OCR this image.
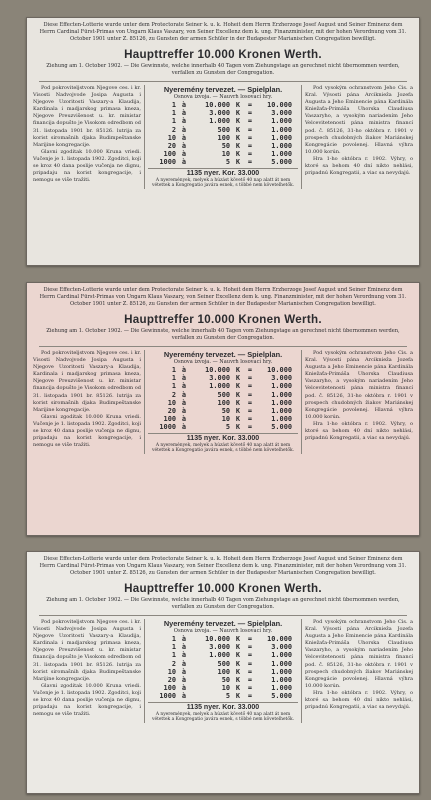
Diese Effecten-Lotterie wurde unter dem Protectorate Seiner k. u. k. Hoheit dem Herrn Erzherzoge Josef August und Seiner Eminenz dem Herrn Cardinal Fürst-Primas von Ungarn Klaus Vaszary, von Seiner Excellenz dem k. ung. Finanzminister, mit der hohen Verordnung vom 31. October 1901 unter Z. 85126, zu Gunsten der armen Schüler in der Budapester Marianischen Congregation bewilligt.
Haupttreffer 10.000 Kronen Werth.
Ziehung am 1. October 1902. — Die Gewinnste, welche innerhalb 40 Tagen vom Ziehungstage an gerechnet nicht übernommen werden, verfallen zu Gunsten der Congregation.

Pod pokroviteljstvom Njegove ces. i kr. Visosti Nadvojvode Josipa Augusta i Njegove Uzoritosti Vaszary-a Klaudija, Kardinala i madjarskog primasa knezа, Njegove Preuzvišenost u. kr. ministar financija dopušto je Visokom odredbom od 31. listopada 1901 br. 85126. lutrija za korist siromašnih djaka Budimpeštanske Marijine kongregacije.

Glavni zgoditak 10.000 Kruna vriedi. Vučenje je 1. listopada 1902. Zgoditci, koji se kroz 40 dana poslije vučenja ne dignu, pripadaju na korist kongregacije, i nemogu se više tražiti.

Nyeremény tervezet. — Spielplan.
Osnova izvoja. — Nauvrh losovací hry.
1 à	10.000 K =	10.000
1 à	3.000 K =	3.000
1 à	1.000 K =	1.000
2 à	500 K =	1.000
10 à	100 K =	1.000
20 à	50 K =	1.000
100 à	10 K =	1.000
1000 à	5 K =	5.000
1135 nyer. Kor. 33.000
A nyeremények, melyek a húzást követő 40 nap alatt át nem vétettek a Kongregatio javára esnek, s többé nem követelhetők.

Pod vysokým ochranstvom Jeho Cis. a Kral. Výsosti pána Arciknieža Jozefa Augusta a Jeho Eminencie pána Kardinála Kniežaťa-Primáša Uhorska Claudiusa Vaszaryho, a vysokým nariadením Jeho Velcevitetenosti pána ministra financí pod. č. 85126, 31-ho októbra r. 1901 v prospech chudobných žiakov Mariánskej Kongregácie povolenej. Hlavná výhra 10.000 korún.

Hra 1-ho októbra r. 1902. Výhry, o ktoré sa behom 40 dní nikto nehlási, pripadnú Kongregatii, a viac sa nevydajú.

Diese Effecten-Lotterie wurde unter dem Protectorate Seiner k. u. k. Hoheit dem Herrn Erzherzoge Josef August und Seiner Eminenz dem Herrn Cardinal Fürst-Primas von Ungarn Klaus Vaszary, von Seiner Excellenz dem k. ung. Finanzminister, mit der hohen Verordnung vom 31. October 1901 unter Z. 85126, zu Gunsten der armen Schüler in der Budapester Marianischen Congregation bewilligt.
Haupttreffer 10.000 Kronen Werth.
Ziehung am 1. October 1902. — Die Gewinnste, welche innerhalb 40 Tagen vom Ziehungstage an gerechnet nicht übernommen werden, verfallen zu Gunsten der Congregation.

Pod pokroviteljstvom Njegove ces. i kr. Visosti Nadvojvode Josipa Augusta i Njegove Uzoritosti Vaszary-a Klaudija, Kardinala i madjarskog primasa knezа, Njegove Preuzvišenost u. kr. ministar financija dopušto je Visokom odredbom od 31. listopada 1901 br. 85126. lutrija za korist siromašnih djaka Budimpeštanske Marijine kongregacije.

Glavni zgoditak 10.000 Kruna vriedi. Vučenje je 1. listopada 1902. Zgoditci, koji se kroz 40 dana poslije vučenja ne dignu, pripadaju na korist kongregacije, i nemogu se više tražiti.

Nyeremény tervezet. — Spielplan.
Osnova izvoja. — Nauvrh losovací hry.
1 à	10.000 K =	10.000
1 à	3.000 K =	3.000
1 à	1.000 K =	1.000
2 à	500 K =	1.000
10 à	100 K =	1.000
20 à	50 K =	1.000
100 à	10 K =	1.000
1000 à	5 K =	5.000
1135 nyer. Kor. 33.000
A nyeremények, melyek a húzást követő 40 nap alatt át nem vétettek a Kongregatio javára esnek, s többé nem követelhetők.

Pod vysokým ochranstvom Jeho Cis. a Kral. Výsosti pána Arciknieža Jozefa Augusta a Jeho Eminencie pána Kardinála Kniežaťa-Primáša Uhorska Claudiusa Vaszaryho, a vysokým nariadením Jeho Velcevitetenosti pána ministra financí pod. č. 85126, 31-ho októbra r. 1901 v prospech chudobných žiakov Mariánskej Kongregácie povolenej. Hlavná výhra 10.000 korún.

Hra 1-ho októbra r. 1902. Výhry, o ktoré sa behom 40 dní nikto nehlási, pripadnú Kongregatii, a viac sa nevydajú.

Diese Effecten-Lotterie wurde unter dem Protectorate Seiner k. u. k. Hoheit dem Herrn Erzherzoge Josef August und Seiner Eminenz dem Herrn Cardinal Fürst-Primas von Ungarn Klaus Vaszary, von Seiner Excellenz dem k. ung. Finanzminister, mit der hohen Verordnung vom 31. October 1901 unter Z. 85126, zu Gunsten der armen Schüler in der Budapester Marianischen Congregation bewilligt.
Haupttreffer 10.000 Kronen Werth.
Ziehung am 1. October 1902. — Die Gewinnste, welche innerhalb 40 Tagen vom Ziehungstage an gerechnet nicht übernommen werden, verfallen zu Gunsten der Congregation.

Pod pokroviteljstvom Njegove ces. i kr. Visosti Nadvojvode Josipa Augusta i Njegove Uzoritosti Vaszary-a Klaudija, Kardinala i madjarskog primasa knezа, Njegove Preuzvišenost u. kr. ministar financija dopušto je Visokom odredbom od 31. listopada 1901 br. 85126. lutrija za korist siromašnih djaka Budimpeštanske Marijine kongregacije.

Glavni zgoditak 10.000 Kruna vriedi. Vučenje je 1. listopada 1902. Zgoditci, koji se kroz 40 dana poslije vučenja ne dignu, pripadaju na korist kongregacije, i nemogu se više tražiti.

Nyeremény tervezet. — Spielplan.
Osnova izvoja. — Nauvrh losovací hry.
1 à	10.000 K =	10.000
1 à	3.000 K =	3.000
1 à	1.000 K =	1.000
2 à	500 K =	1.000
10 à	100 K =	1.000
20 à	50 K =	1.000
100 à	10 K =	1.000
1000 à	5 K =	5.000
1135 nyer. Kor. 33.000
A nyeremények, melyek a húzást követő 40 nap alatt át nem vétettek a Kongregatio javára esnek, s többé nem követelhetők.

Pod vysokým ochranstvom Jeho Cis. a Kral. Výsosti pána Arciknieža Jozefa Augusta a Jeho Eminencie pána Kardinála Kniežaťa-Primáša Uhorska Claudiusa Vaszaryho, a vysokým nariadením Jeho Velcevitetenosti pána ministra financí pod. č. 85126, 31-ho októbra r. 1901 v prospech chudobných žiakov Mariánskej Kongregácie povolenej. Hlavná výhra 10.000 korún.

Hra 1-ho októbra r. 1902. Výhry, o ktoré sa behom 40 dní nikto nehlási, pripadnú Kongregatii, a viac sa nevydajú.
